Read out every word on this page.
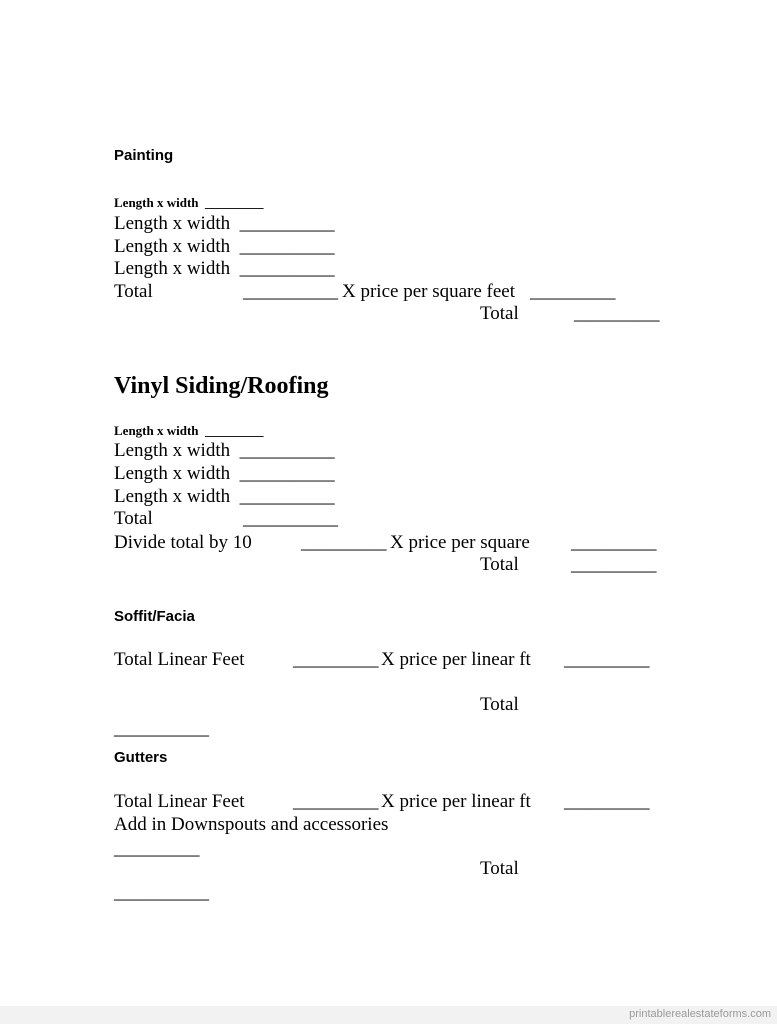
Painting
Length x width  _________
Length x width  __________
Length x width  __________
Length x width  __________
Total	__________ X price per square feet _________
Total	_________
Vinyl Siding/Roofing
Length x width  _________
Length x width  __________
Length x width  __________
Length x width  __________
Total	__________
Divide total by 10	_________ X price per square _________
Total	_________
Soffit/Facia
Total Linear Feet	_________ X price per linear ft _________
Total
__________
Gutters
Total Linear Feet	_________ X price per linear ft _________
Add in Downspouts and accessories
_________
Total
__________
printablerealestateforms.com
